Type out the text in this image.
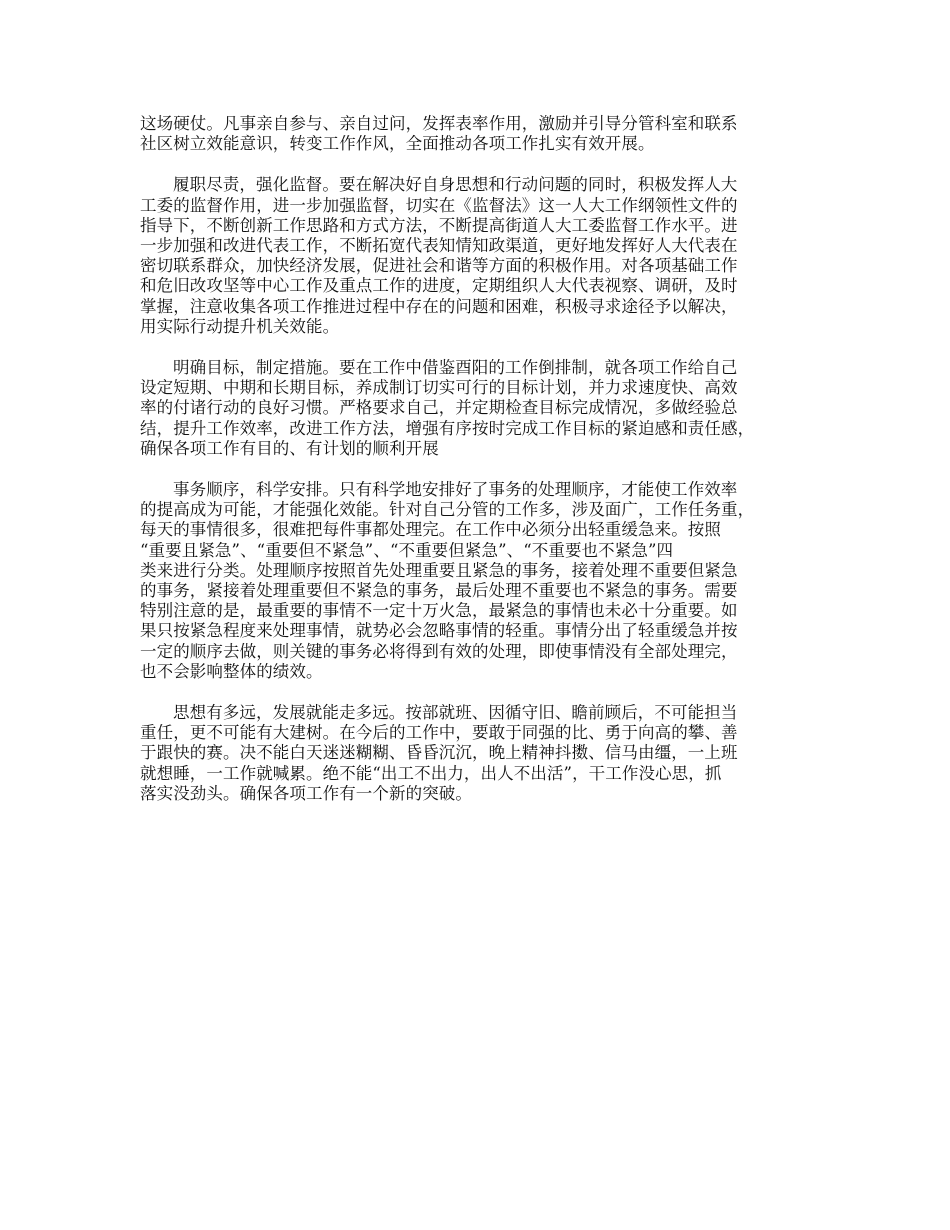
这场硬仗。凡事亲自参与、亲自过问，发挥表率作用，激励并引导分管科室和联系
社区树立效能意识，转变工作作风，全面推动各项工作扎实有效开展。
履职尽责，强化监督。要在解决好自身思想和行动问题的同时，积极发挥人大
工委的监督作用，进一步加强监督，切实在《监督法》这一人大工作纲领性文件的
指导下，不断创新工作思路和方式方法，不断提高街道人大工委监督工作水平。进
一步加强和改进代表工作，不断拓宽代表知情知政渠道，更好地发挥好人大代表在
密切联系群众，加快经济发展，促进社会和谐等方面的积极作用。对各项基础工作
和危旧改攻坚等中心工作及重点工作的进度，定期组织人大代表视察、调研，及时
掌握，注意收集各项工作推进过程中存在的问题和困难，积极寻求途径予以解决，
用实际行动提升机关效能。
明确目标，制定措施。要在工作中借鉴酉阳的工作倒排制，就各项工作给自己
设定短期、中期和长期目标，养成制订切实可行的目标计划，并力求速度快、高效
率的付诸行动的良好习惯。严格要求自己，并定期检查目标完成情况，多做经验总
结，提升工作效率，改进工作方法，增强有序按时完成工作目标的紧迫感和责任感，
确保各项工作有目的、有计划的顺利开展
事务顺序，科学安排。只有科学地安排好了事务的处理顺序，才能使工作效率
的提高成为可能，才能强化效能。针对自己分管的工作多，涉及面广，工作任务重，
每天的事情很多，很难把每件事都处理完。在工作中必须分出轻重缓急来。按照
“重要且紧急”、“重要但不紧急”、“不重要但紧急”、“不重要也不紧急”四
类来进行分类。处理顺序按照首先处理重要且紧急的事务，接着处理不重要但紧急
的事务，紧接着处理重要但不紧急的事务，最后处理不重要也不紧急的事务。需要
特别注意的是，最重要的事情不一定十万火急，最紧急的事情也未必十分重要。如
果只按紧急程度来处理事情，就势必会忽略事情的轻重。事情分出了轻重缓急并按
一定的顺序去做，则关键的事务必将得到有效的处理，即使事情没有全部处理完，
也不会影响整体的绩效。
思想有多远，发展就能走多远。按部就班、因循守旧、瞻前顾后，不可能担当
重任，更不可能有大建树。在今后的工作中，要敢于同强的比、勇于向高的攀、善
于跟快的赛。决不能白天迷迷糊糊、昏昏沉沉，晚上精神抖擞、信马由缰，一上班
就想睡，一工作就喊累。绝不能“出工不出力，出人不出活”，干工作没心思，抓
落实没劲头。确保各项工作有一个新的突破。
